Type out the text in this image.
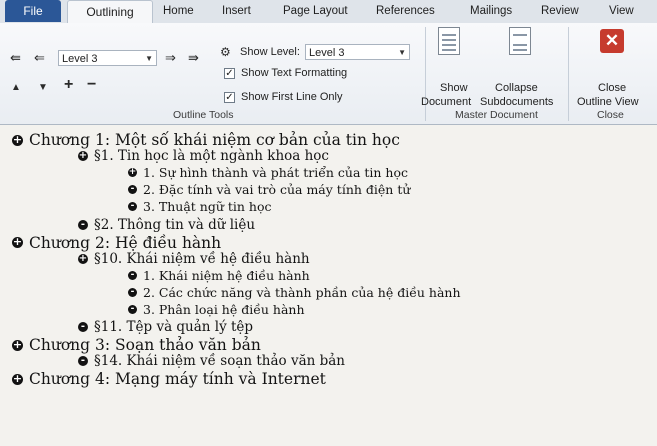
File	Outlining	Home Insert	Page Layout References	Mailings	Review	View
⇚ ⇐	Level 3	▼ ⇒ ⇛
▲ ▼ + −
⚙ Show Level: Level 3	▼
✓ Show Text Formatting
✓ Show First Line Only
Outline Tools
Show
Document
Collapse
Subdocuments
Master Document
✕
Close
Outline View
Close
+ Chương 1: Một số khái niệm cơ bản của tin học
+ §1. Tin học là một ngành khoa học
+ 1. Sự hình thành và phát triển của tin học
- 2. Đặc tính và vai trò của máy tính điện tử
- 3. Thuật ngữ tin học
- §2. Thông tin và dữ liệu
+ Chương 2: Hệ điều hành
+ §10. Khái niệm về hệ điều hành
- 1. Khái niệm hệ điều hành
- 2. Các chức năng và thành phần của hệ điều hành
- 3. Phân loại hệ điều hành
- §11. Tệp và quản lý tệp
+ Chương 3: Soạn thảo văn bản
- §14. Khái niệm về soạn thảo văn bản
+ Chương 4: Mạng máy tính và Internet
